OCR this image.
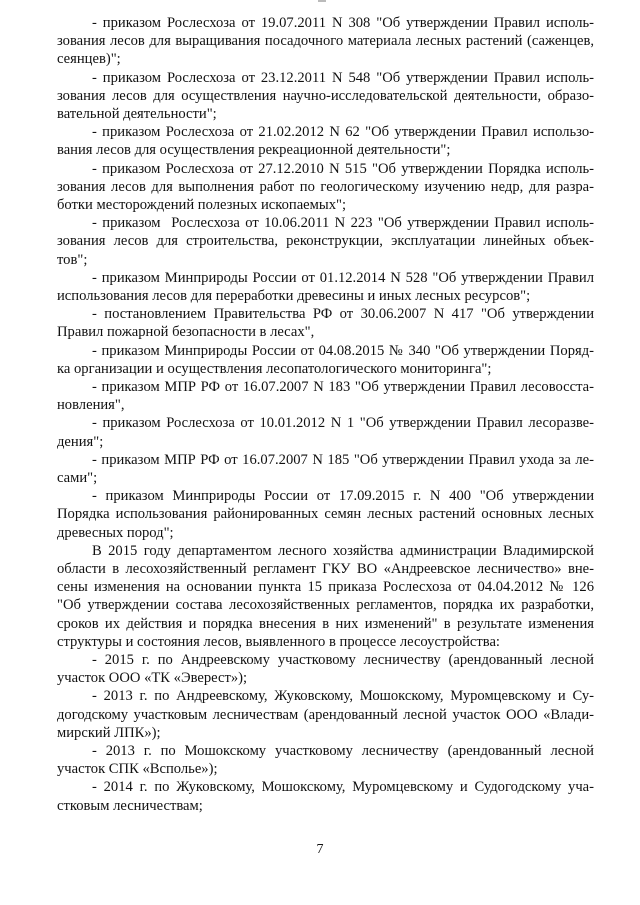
- приказом Рослесхоза от 19.07.2011 N 308 "Об утверждении Правил исполь-
зования лесов для выращивания посадочного материала лесных растений (саженцев,
сеянцев)";
- приказом Рослесхоза от 23.12.2011 N 548 "Об утверждении Правил исполь-
зования лесов для осуществления научно-исследовательской деятельности, образо-
вательной деятельности";
- приказом Рослесхоза от 21.02.2012 N 62 "Об утверждении Правил использо-
вания лесов для осуществления рекреационной деятельности";
- приказом Рослесхоза от 27.12.2010 N 515 "Об утверждении Порядка исполь-
зования лесов для выполнения работ по геологическому изучению недр, для разра-
ботки месторождений полезных ископаемых";
- приказом  Рослесхоза от 10.06.2011 N 223 "Об утверждении Правил исполь-
зования лесов для строительства, реконструкции, эксплуатации линейных объек-
тов";
- приказом Минприроды России от 01.12.2014 N 528 "Об утверждении Правил
использования лесов для переработки древесины и иных лесных ресурсов";
- постановлением Правительства РФ от 30.06.2007 N 417 "Об утверждении
Правил пожарной безопасности в лесах",
- приказом Минприроды России от 04.08.2015 № 340 "Об утверждении Поряд-
ка организации и осуществления лесопатологического мониторинга";
- приказом МПР РФ от 16.07.2007 N 183 "Об утверждении Правил лесовосста-
новления",
- приказом Рослесхоза от 10.01.2012 N 1 "Об утверждении Правил лесоразве-
дения";
- приказом МПР РФ от 16.07.2007 N 185 "Об утверждении Правил ухода за ле-
сами";
- приказом Минприроды России от 17.09.2015 г. N 400 "Об утверждении
Порядка использования районированных семян лесных растений основных лесных
древесных пород";
В 2015 году департаментом лесного хозяйства администрации Владимирской
области в лесохозяйственный регламент ГКУ ВО «Андреевское лесничество» вне-
сены изменения на основании пункта 15 приказа Рослесхоза от 04.04.2012 № 126
"Об утверждении состава лесохозяйственных регламентов, порядка их разработки,
сроков их действия и порядка внесения в них изменений" в результате изменения
структуры и состояния лесов, выявленного в процессе лесоустройства:
- 2015 г. по Андреевскому участковому лесничеству (арендованный лесной
участок ООО «ТК «Эверест»);
- 2013 г. по Андреевскому, Жуковскому, Мошокскому, Муромцевскому и Су-
догодскому участковым лесничествам (арендованный лесной участок ООО «Влади-
мирский ЛПК»);
- 2013 г. по Мошокскому участковому лесничеству (арендованный лесной
участок СПК «Всполье»);
- 2014 г. по Жуковскому, Мошокскому, Муромцевскому и Судогодскому уча-
стковым лесничествам;
7
